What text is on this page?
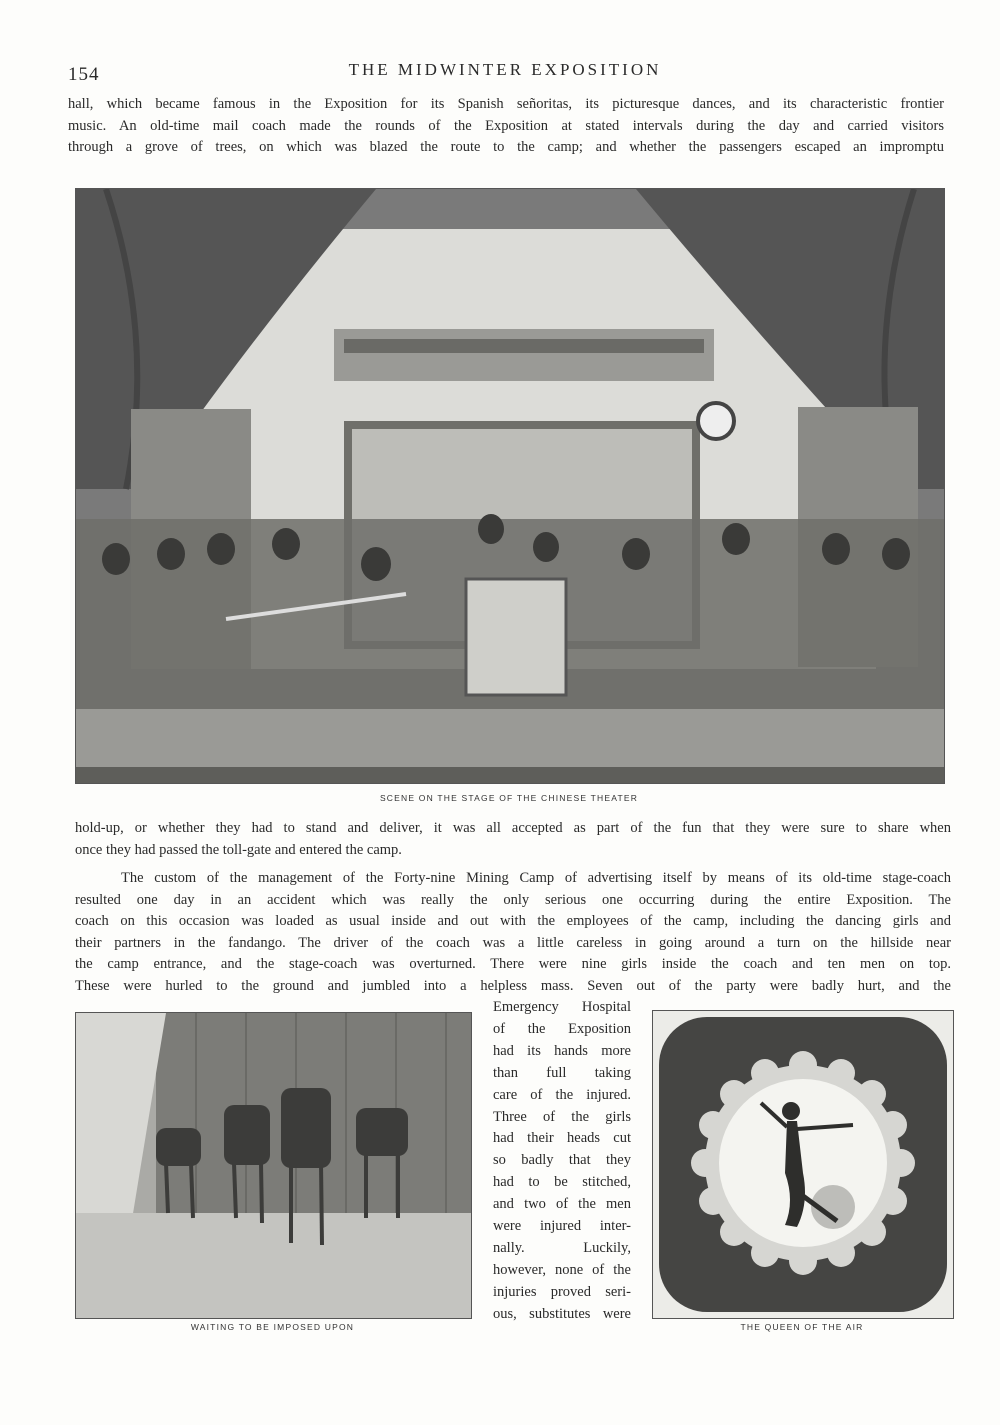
154	THE MIDWINTER EXPOSITION

hall, which became famous in the Exposition for its Spanish señoritas, its picturesque dances, and its characteristic frontier

music. An old-time mail coach made the rounds of the Exposition at stated intervals during the day and carried visitors

through a grove of trees, on which was blazed the route to the camp; and whether the passengers escaped an impromptu

SCENE ON THE STAGE OF THE CHINESE THEATER

hold-up, or whether they had to stand and deliver, it was all accepted as part of the fun that they were sure to share when

once they had passed the toll-gate and entered the camp.

The custom of the management of the Forty-nine Mining Camp of advertising itself by means of its old-time stage-coach

resulted one day in an accident which was really the only serious one occurring during the entire Exposition. The

coach on this occasion was loaded as usual inside and out with the employees of the camp, including the dancing girls and

their partners in the fandango. The driver of the coach was a little careless in going around a turn on the hillside near

the camp entrance, and the stage-coach was overturned. There were nine girls inside the coach and ten men on top.

These were hurled to the ground and jumbled into a helpless mass. Seven out of the party were badly hurt, and the

WAITING TO BE IMPOSED UPON
Emergency Hospital
of the Exposition
had its hands more
than full taking
care of the injured.
Three of the girls
had their heads cut
so badly that they
had to be stitched,
and two of the men
were injured inter-
nally. Luckily,
however, none of the
injuries proved seri-
ous, substitutes were
THE QUEEN OF THE AIR
